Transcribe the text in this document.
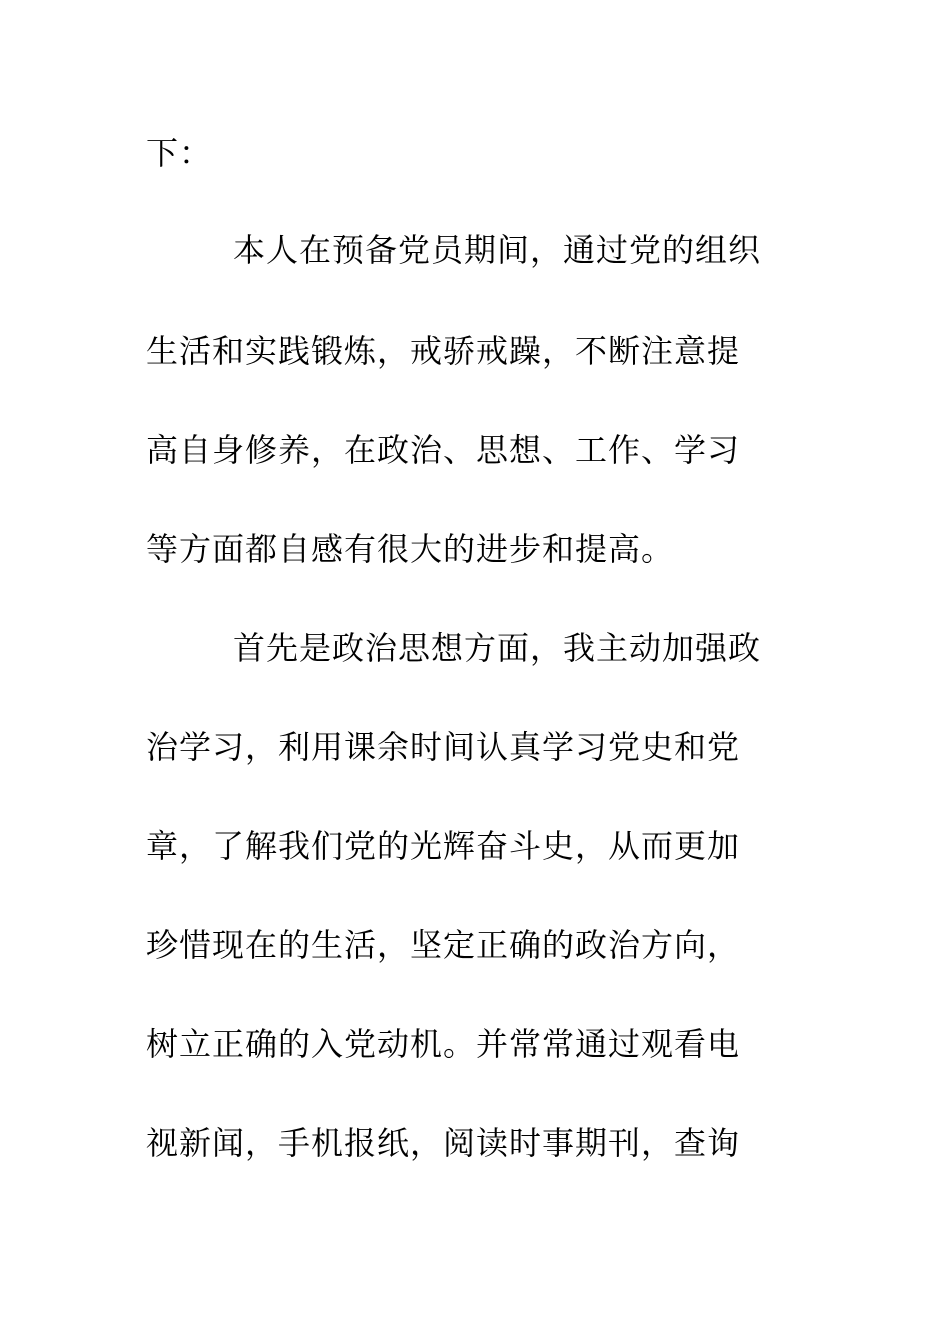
下：

本人在预备党员期间，通过党的组织

生活和实践锻炼，戒骄戒躁，不断注意提

高自身修养，在政治、思想、工作、学习

等方面都自感有很大的进步和提高。

首先是政治思想方面，我主动加强政

治学习，利用课余时间认真学习党史和党

章，了解我们党的光辉奋斗史，从而更加

珍惜现在的生活，坚定正确的政治方向，

树立正确的入党动机。并常常通过观看电

视新闻，手机报纸，阅读时事期刊，查询
